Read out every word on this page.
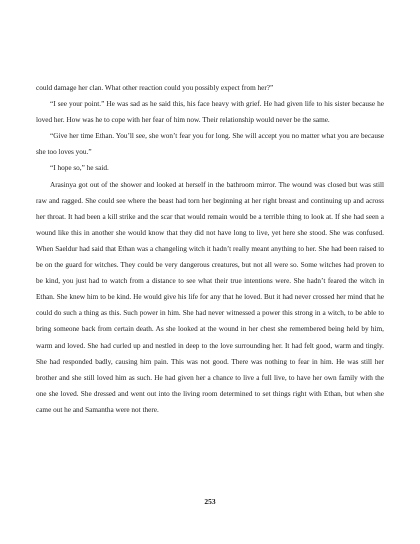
could damage her clan. What other reaction could you possibly expect from her?”

“I see your point.” He was sad as he said this, his face heavy with grief. He had given life to his sister because he loved her. How was he to cope with her fear of him now. Their relationship would never be the same.

“Give her time Ethan. You’ll see, she won’t fear you for long. She will accept you no matter what you are because she too loves you.”

“I hope so,” he said.

Arasinya got out of the shower and looked at herself in the bathroom mirror. The wound was closed but was still raw and ragged. She could see where the beast had torn her beginning at her right breast and continuing up and across her throat. It had been a kill strike and the scar that would remain would be a terrible thing to look at. If she had seen a wound like this in another she would know that they did not have long to live, yet here she stood. She was confused. When Saeldur had said that Ethan was a changeling witch it hadn’t really meant anything to her. She had been raised to be on the guard for witches. They could be very dangerous creatures, but not all were so. Some witches had proven to be kind, you just had to watch from a distance to see what their true intentions were. She hadn’t feared the witch in Ethan. She knew him to be kind. He would give his life for any that he loved. But it had never crossed her mind that he could do such a thing as this. Such power in him. She had never witnessed a power this strong in a witch, to be able to bring someone back from certain death. As she looked at the wound in her chest she remembered being held by him, warm and loved. She had curled up and nestled in deep to the love surrounding her. It had felt good, warm and tingly. She had responded badly, causing him pain. This was not good. There was nothing to fear in him. He was still her brother and she still loved him as such. He had given her a chance to live a full live, to have her own family with the one she loved. She dressed and went out into the living room determined to set things right with Ethan, but when she came out he and Samantha were not there.

253
